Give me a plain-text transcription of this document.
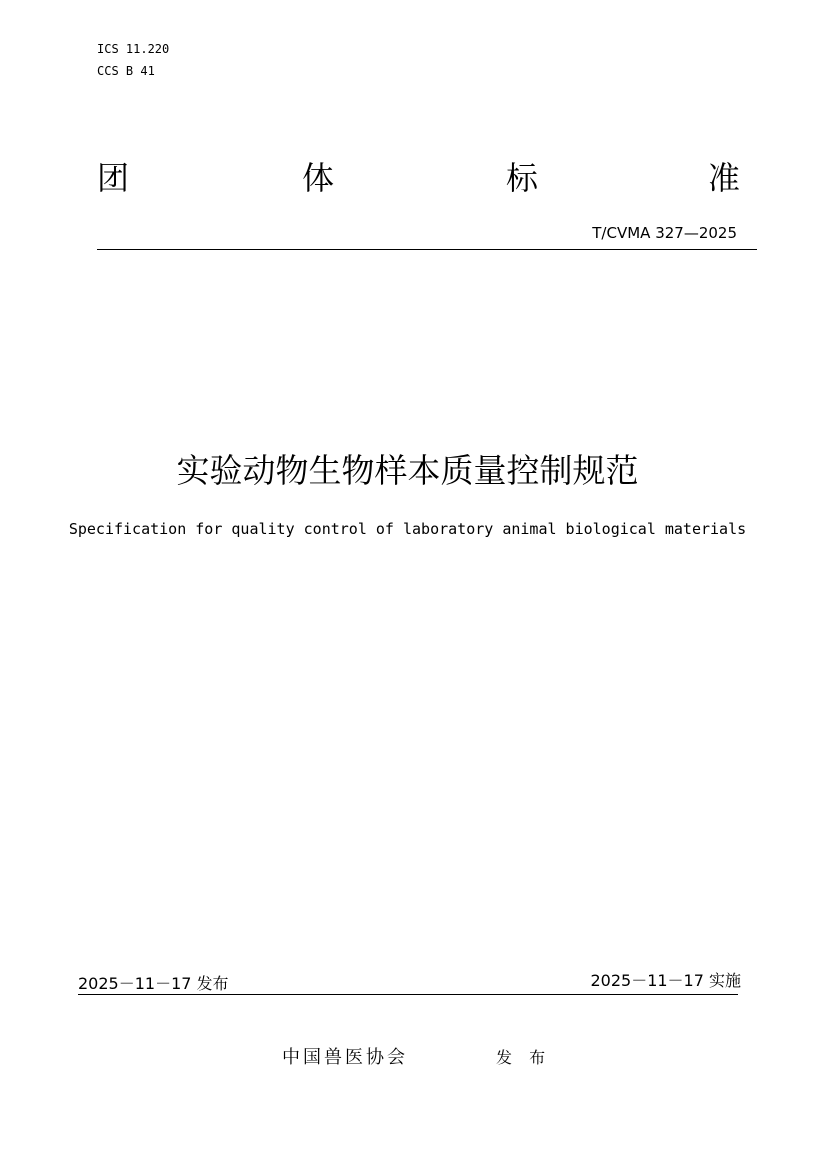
ICS 11.220
CCS B 41
团	体	标	准
T/CVMA 327—2025
实验动物生物样本质量控制规范
Specification for quality control of laboratory animal biological materials
2025－11－17 发布	2025－11－17 实施
中国兽医协会	发 布
